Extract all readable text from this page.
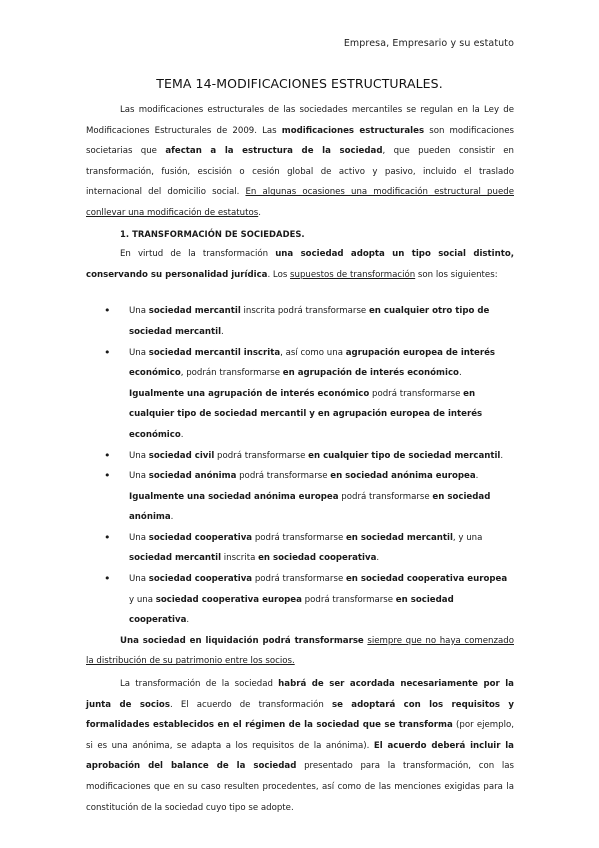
Empresa, Empresario y su estatuto
TEMA 14-MODIFICACIONES ESTRUCTURALES.

Las modificaciones estructurales de las sociedades mercantiles se regulan en la Ley de Modificaciones Estructurales de 2009. Las modificaciones estructurales son modificaciones societarias que afectan a la estructura de la sociedad, que pueden consistir en transformación, fusión, escisión o cesión global de activo y pasivo, incluido el traslado internacional del domicilio social. En algunas ocasiones una modificación estructural puede conllevar una modificación de estatutos.

1. TRANSFORMACIÓN DE SOCIEDADES.

En virtud de la transformación una sociedad adopta un tipo social distinto, conservando su personalidad jurídica. Los supuestos de transformación son los siguientes:

• Una sociedad mercantil inscrita podrá transformarse en cualquier otro tipo de sociedad mercantil.
• Una sociedad mercantil inscrita, así como una agrupación europea de interés económico, podrán transformarse en agrupación de interés económico. Igualmente una agrupación de interés económico podrá transformarse en cualquier tipo de sociedad mercantil y en agrupación europea de interés económico.
• Una sociedad civil podrá transformarse en cualquier tipo de sociedad mercantil.
• Una sociedad anónima podrá transformarse en sociedad anónima europea. Igualmente una sociedad anónima europea podrá transformarse en sociedad anónima.
• Una sociedad cooperativa podrá transformarse en sociedad mercantil, y una sociedad mercantil inscrita en sociedad cooperativa.
• Una sociedad cooperativa podrá transformarse en sociedad cooperativa europea y una sociedad cooperativa europea podrá transformarse en sociedad cooperativa.

Una sociedad en liquidación podrá transformarse siempre que no haya comenzado la distribución de su patrimonio entre los socios.

La transformación de la sociedad habrá de ser acordada necesariamente por la junta de socios. El acuerdo de transformación se adoptará con los requisitos y formalidades establecidos en el régimen de la sociedad que se transforma (por ejemplo, si es una anónima, se adapta a los requisitos de la anónima). El acuerdo deberá incluir la aprobación del balance de la sociedad presentado para la transformación, con las modificaciones que en su caso resulten procedentes, así como de las menciones exigidas para la constitución de la sociedad cuyo tipo se adopte.
